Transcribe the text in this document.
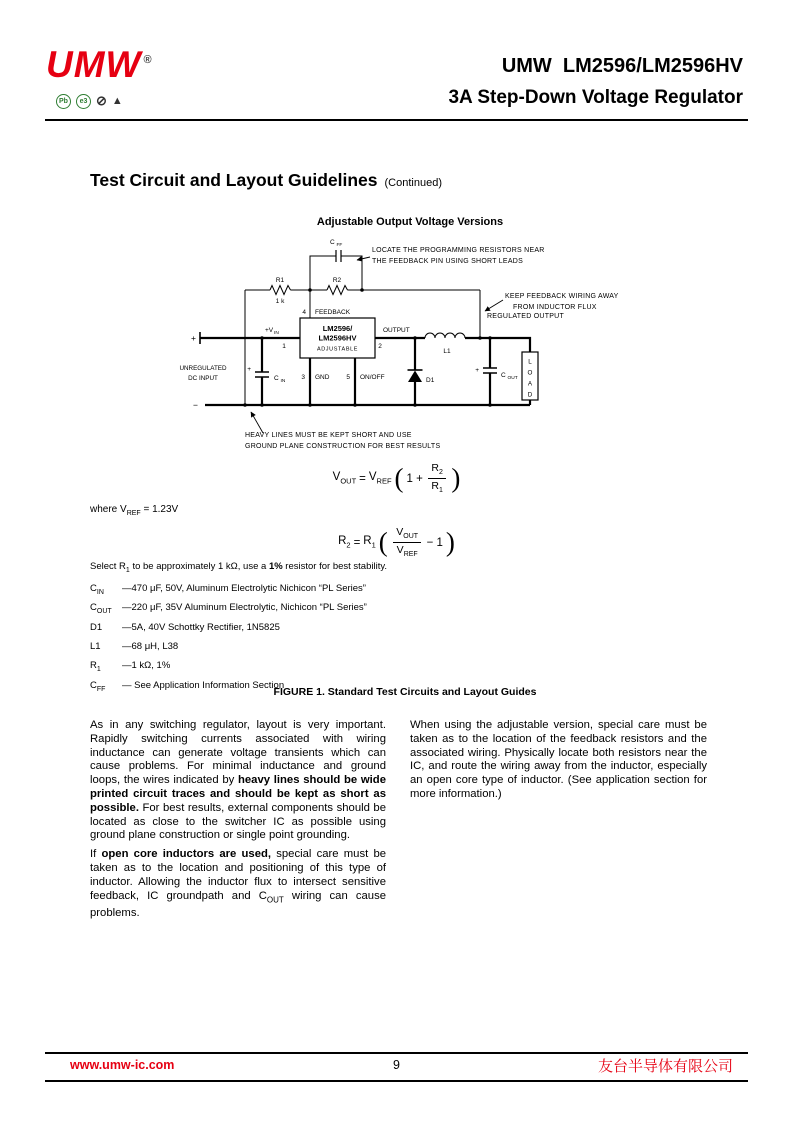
UMW ®
Pb	e3 ⊘ ▲
UMW  LM2596/LM2596HV
3A Step-Down Voltage Regulator
Test Circuit and Layout Guidelines (Continued)
Adjustable Output Voltage Versions
C FF
LOCATE THE PROGRAMMING RESISTORS NEAR
THE FEEDBACK PIN USING SHORT LEADS
R1	R2
1 k
4 FEEDBACK
KEEP FEEDBACK WIRING AWAY
FROM INDUCTOR FLUX
+V IN
1
LM2596/
LM2596HV
ADJUSTABLE
OUTPUT
2
REGULATED OUTPUT
3 GND	5 ON/OFF
+
−
UNREGULATED
DC INPUT
+
C IN	D1
L1
+
C OUT
L
O
A
D
HEAVY LINES MUST BE KEPT SHORT AND USE
GROUND PLANE CONSTRUCTION FOR BEST RESULTS
$V_{OUT} = V_{REF}$ ( $1 + \frac{R_2}{R_1}$ )
where $V_{REF} = 1.23V$
$R_2 = R_1$ ( $\frac{V_{OUT}}{V_{REF}} - 1$ )
Select $R_1$ to be approximately 1 kΩ, use a 1% resistor for best stability.
$C_{IN}$	—470 μF, 50V, Aluminum Electrolytic Nichicon “PL Series”
$C_{OUT}$	—220 μF, 35V Aluminum Electrolytic, Nichicon “PL Series”
D1	—5A, 40V Schottky Rectifier, 1N5825
L1	—68 μH, L38
$R_1$	—1 kΩ, 1%
$C_{FF}$	— See Application Information Section
FIGURE 1. Standard Test Circuits and Layout Guides

As in any switching regulator, layout is very important. Rapidly switching currents associated with wiring inductance can generate voltage transients which can cause problems. For minimal inductance and ground loops, the wires indicated by heavy lines should be wide printed circuit traces and should be kept as short as possible. For best results, external components should be located as close to the switcher IC as possible using ground plane construction or single point grounding.

If open core inductors are used, special care must be taken as to the location and positioning of this type of inductor. Allowing the inductor flux to intersect sensitive feedback, IC groundpath and $C_{OUT}$ wiring can cause problems.

When using the adjustable version, special care must be taken as to the location of the feedback resistors and the associated wiring. Physically locate both resistors near the IC, and route the wiring away from the inductor, especially an open core type of inductor. (See application section for more information.)

www.umw-ic.com	9	友台半导体有限公司
